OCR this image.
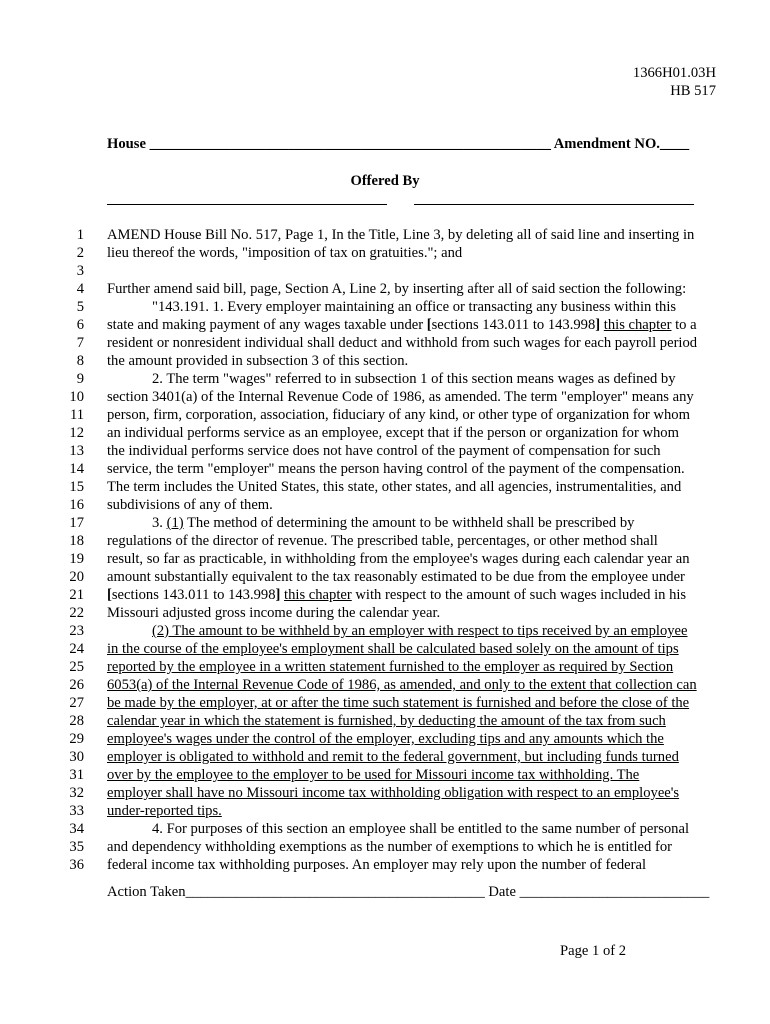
1366H01.03H
HB 517
House _______________________________________________________ Amendment NO.____
Offered By
1 AMEND House Bill No. 517, Page 1, In the Title, Line 3, by deleting all of said line and inserting in
2 lieu thereof the words, "imposition of tax on gratuities."; and
3
4 Further amend said bill, page, Section A, Line 2, by inserting after all of said section the following:
5	"143.191. 1. Every employer maintaining an office or transacting any business within this
6 state and making payment of any wages taxable under [sections 143.011 to 143.998] this chapter to a
7 resident or nonresident individual shall deduct and withhold from such wages for each payroll period
8 the amount provided in subsection 3 of this section.
9	2. The term "wages" referred to in subsection 1 of this section means wages as defined by
10 section 3401(a) of the Internal Revenue Code of 1986, as amended. The term "employer" means any
11 person, firm, corporation, association, fiduciary of any kind, or other type of organization for whom
12 an individual performs service as an employee, except that if the person or organization for whom
13 the individual performs service does not have control of the payment of compensation for such
14 service, the term "employer" means the person having control of the payment of the compensation.
15 The term includes the United States, this state, other states, and all agencies, instrumentalities, and
16 subdivisions of any of them.
17	3. (1) The method of determining the amount to be withheld shall be prescribed by
18 regulations of the director of revenue. The prescribed table, percentages, or other method shall
19 result, so far as practicable, in withholding from the employee's wages during each calendar year an
20 amount substantially equivalent to the tax reasonably estimated to be due from the employee under
21 [sections 143.011 to 143.998] this chapter with respect to the amount of such wages included in his
22 Missouri adjusted gross income during the calendar year.
23	(2) The amount to be withheld by an employer with respect to tips received by an employee
24 in the course of the employee's employment shall be calculated based solely on the amount of tips
25 reported by the employee in a written statement furnished to the employer as required by Section
26 6053(a) of the Internal Revenue Code of 1986, as amended, and only to the extent that collection can
27 be made by the employer, at or after the time such statement is furnished and before the close of the
28 calendar year in which the statement is furnished, by deducting the amount of the tax from such
29 employee's wages under the control of the employer, excluding tips and any amounts which the
30 employer is obligated to withhold and remit to the federal government, but including funds turned
31 over by the employee to the employer to be used for Missouri income tax withholding. The
32 employer shall have no Missouri income tax withholding obligation with respect to an employee's
33 under-reported tips.
34	4. For purposes of this section an employee shall be entitled to the same number of personal
35 and dependency withholding exemptions as the number of exemptions to which he is entitled for
36 federal income tax withholding purposes. An employer may rely upon the number of federal
Action Taken_________________________________________ Date __________________________
Page 1 of 2
